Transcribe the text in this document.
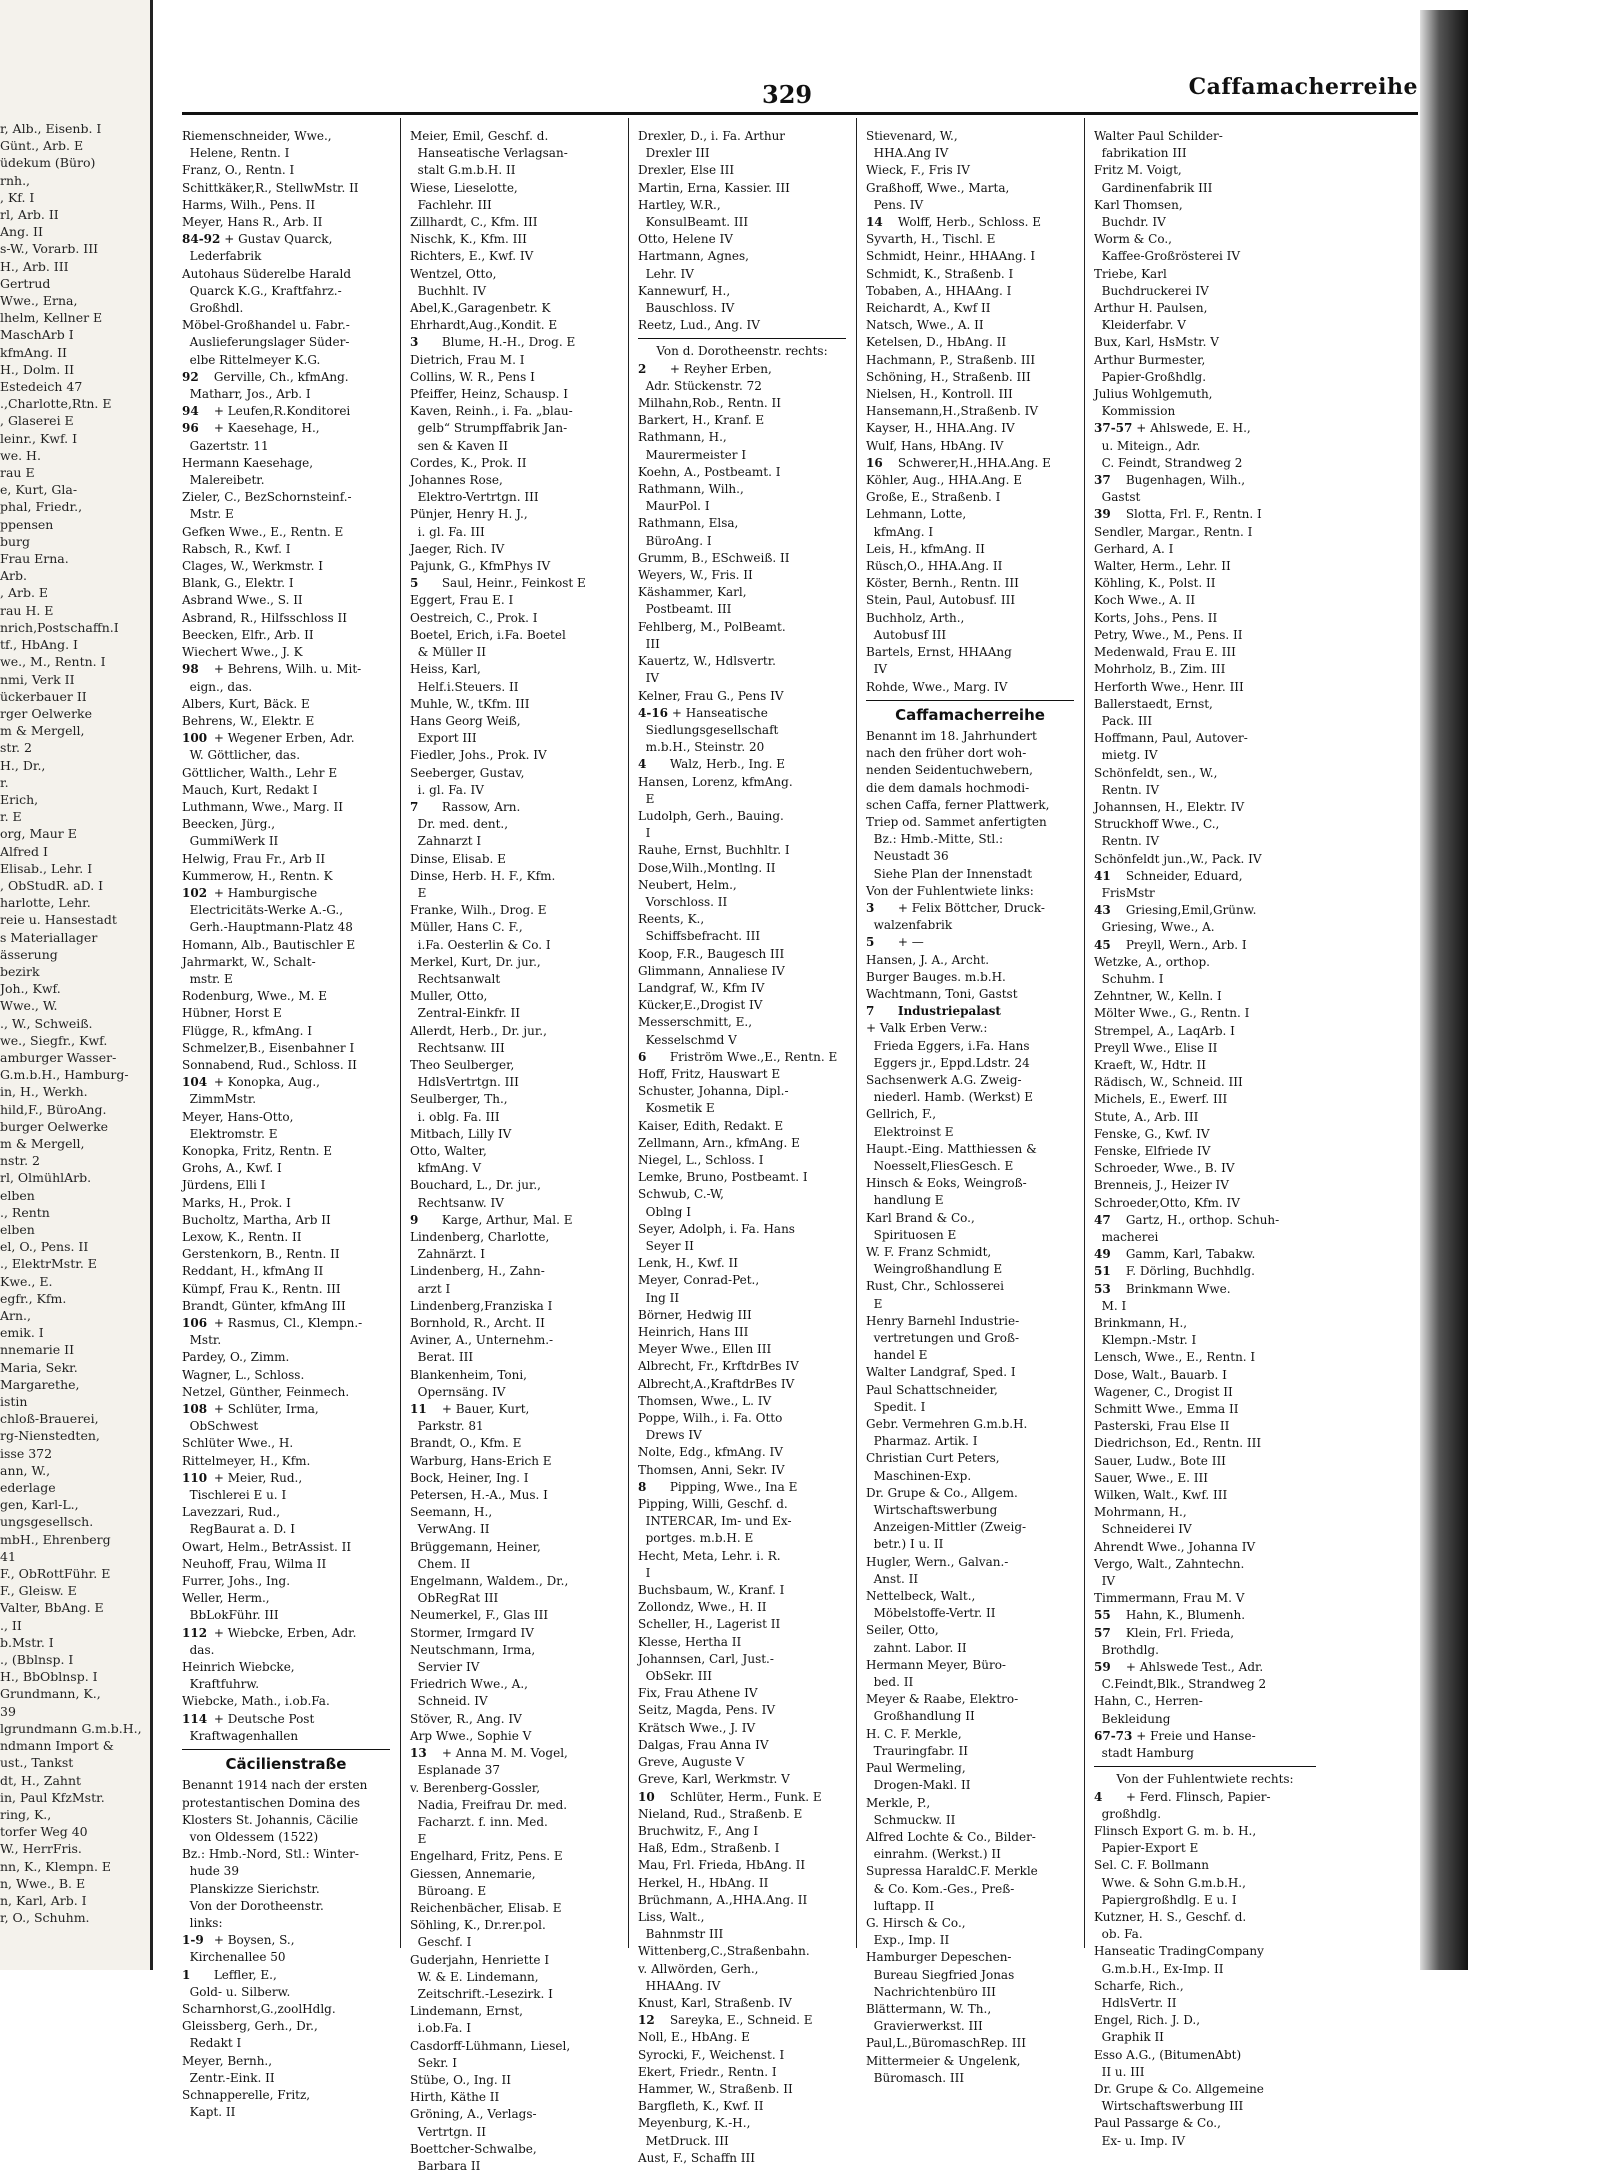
r, Alb., Eisenb. I
Günt., Arb. E
üdekum (Büro)
rnh.,
, Kf. I
rl, Arb. II
Ang. II
s-W., Vorarb. III
H., Arb. III
Gertrud
Wwe., Erna,
lhelm, Kellner E
MaschArb I
kfmAng. II
H., Dolm. II
Estedeich 47
.,Charlotte,Rtn. E
, Glaserei E
leinr., Kwf. I
we. H.
rau E
e, Kurt, Gla-
phal, Friedr.,
ppensen
burg
Frau Erna.
Arb.
, Arb. E
rau H. E
nrich,Postschaffn.I
tf., HbAng. I
we., M., Rentn. I
nmi, Verk II
ückerbauer II
rger Oelwerke
m & Mergell,
str. 2
H., Dr.,
r.
Erich,
r. E
org, Maur E
Alfred I
Elisab., Lehr. I
, ObStudR. aD. I
harlotte, Lehr.
reie u. Hansestadt
s Materiallager
ässerung
bezirk
Joh., Kwf.
Wwe., W.
., W., Schweiß.
we., Siegfr., Kwf.
amburger Wasser-
G.m.b.H., Hamburg-
in, H., Werkh.
hild,F., BüroAng.
burger Oelwerke
m & Mergell,
nstr. 2
rl, OlmühlArb.
elben
., Rentn
elben
el, O., Pens. II
., ElektrMstr. E
Kwe., E.
egfr., Kfm.
Arn.,
emik. I
nnemarie II
Maria, Sekr.
Margarethe,
istin
chloß-Brauerei,
rg-Nienstedten,
isse 372
ann, W.,
ederlage
gen, Karl-L.,
ungsgesellsch.
mbH., Ehrenberg
41
F., ObRottFühr. E
F., Gleisw. E
Valter, BbAng. E
., II
b.Mstr. I
., (Bblnsp. I
H., BbOblnsp. I
Grundmann, K.,
39
lgrundmann G.m.b.H.,
ndmann Import &
ust., Tankst
dt, H., Zahnt
in, Paul KfzMstr.
ring, K.,
torfer Weg 40
W., HerrFris.
nn, K., Klempn. E
n, Wwe., B. E
n, Karl, Arb. I
r, O., Schuhm.
329	Caffamacherreihe
Riemenschneider, Wwe.,
Helene, Rentn. I
Franz, O., Rentn. I
Schittkäker,R., StellwMstr. II
Harms, Wilh., Pens. II
Meyer, Hans R., Arb. II
84-92 + Gustav Quarck,
Lederfabrik
Autohaus Süderelbe Harald
Quarck K.G., Kraftfahrz.-
Großhdl.
Möbel-Großhandel u. Fabr.-
Auslieferungslager Süder-
elbe Rittelmeyer K.G.
92 Gerville, Ch., kfmAng.
Matharr, Jos., Arb. I
94 + Leufen,R.Konditorei
96 + Kaesehage, H.,
Gazertstr. 11
Hermann Kaesehage,
Malereibetr.
Zieler, C., BezSchornsteinf.-
Mstr. E
Gefken Wwe., E., Rentn. E
Rabsch, R., Kwf. I
Clages, W., Werkmstr. I
Blank, G., Elektr. I
Asbrand Wwe., S. II
Asbrand, R., Hilfsschloss II
Beecken, Elfr., Arb. II
Wiechert Wwe., J. K
98 + Behrens, Wilh. u. Mit-
eign., das.
Albers, Kurt, Bäck. E
Behrens, W., Elektr. E
100 + Wegener Erben, Adr.
W. Göttlicher, das.
Göttlicher, Walth., Lehr E
Mauch, Kurt, Redakt I
Luthmann, Wwe., Marg. II
Beecken, Jürg.,
GummiWerk II
Helwig, Frau Fr., Arb II
Kummerow, H., Rentn. K
102 + Hamburgische
Electricitäts-Werke A.-G.,
Gerh.-Hauptmann-Platz 48
Homann, Alb., Bautischler E
Jahrmarkt, W., Schalt-
mstr. E
Rodenburg, Wwe., M. E
Hübner, Horst E
Flügge, R., kfmAng. I
Schmelzer,B., Eisenbahner I
Sonnabend, Rud., Schloss. II
104 + Konopka, Aug.,
ZimmMstr.
Meyer, Hans-Otto,
Elektromstr. E
Konopka, Fritz, Rentn. E
Grohs, A., Kwf. I
Jürdens, Elli I
Marks, H., Prok. I
Bucholtz, Martha, Arb II
Lexow, K., Rentn. II
Gerstenkorn, B., Rentn. II
Reddant, H., kfmAng II
Kümpf, Frau K., Rentn. III
Brandt, Günter, kfmAng III
106 + Rasmus, Cl., Klempn.-
Mstr.
Pardey, O., Zimm.
Wagner, L., Schloss.
Netzel, Günther, Feinmech.
108 + Schlüter, Irma,
ObSchwest
Schlüter Wwe., H.
Rittelmeyer, H., Kfm.
110 + Meier, Rud.,
Tischlerei E u. I
Lavezzari, Rud.,
RegBaurat a. D. I
Owart, Helm., BetrAssist. II
Neuhoff, Frau, Wilma II
Furrer, Johs., Ing.
Weller, Herm.,
BbLokFühr. III
112 + Wiebcke, Erben, Adr.
das.
Heinrich Wiebcke,
Kraftfuhrw.
Wiebcke, Math., i.ob.Fa.
114 + Deutsche Post
Kraftwagenhallen
Cäcilienstraße
Benannt 1914 nach der ersten
protestantischen Domina des
Klosters St. Johannis, Cäcilie
von Oldessem (1522)
Bz.: Hmb.-Nord, Stl.: Winter-
hude 39
Planskizze Sierichstr.
Von der Dorotheenstr.
links:
1-9 + Boysen, S.,
Kirchenallee 50
1 Leffler, E.,
Gold- u. Silberw.
Scharnhorst,G.,zoolHdlg.
Gleissberg, Gerh., Dr.,
Redakt I
Meyer, Bernh.,
Zentr.-Eink. II
Schnapperelle, Fritz,
Kapt. II
Meier, Emil, Geschf. d.
Hanseatische Verlagsan-
stalt G.m.b.H. II
Wiese, Lieselotte,
Fachlehr. III
Zillhardt, C., Kfm. III
Nischk, K., Kfm. III
Richters, E., Kwf. IV
Wentzel, Otto,
Buchhlt. IV
Abel,K.,Garagenbetr. K
Ehrhardt,Aug.,Kondit. E
3 Blume, H.-H., Drog. E
Dietrich, Frau M. I
Collins, W. R., Pens I
Pfeiffer, Heinz, Schausp. I
Kaven, Reinh., i. Fa. „blau-
gelb“ Strumpffabrik Jan-
sen & Kaven II
Cordes, K., Prok. II
Johannes Rose,
Elektro-Vertrtgn. III
Pünjer, Henry H. J.,
i. gl. Fa. III
Jaeger, Rich. IV
Pajunk, G., KfmPhys IV
5 Saul, Heinr., Feinkost E
Eggert, Frau E. I
Oestreich, C., Prok. I
Boetel, Erich, i.Fa. Boetel
& Müller II
Heiss, Karl,
Helf.i.Steuers. II
Muhle, W., tKfm. III
Hans Georg Weiß,
Export III
Fiedler, Johs., Prok. IV
Seeberger, Gustav,
i. gl. Fa. IV
7 Rassow, Arn.
Dr. med. dent.,
Zahnarzt I
Dinse, Elisab. E
Dinse, Herb. H. F., Kfm.
E
Franke, Wilh., Drog. E
Müller, Hans C. F.,
i.Fa. Oesterlin & Co. I
Merkel, Kurt, Dr. jur.,
Rechtsanwalt
Muller, Otto,
Zentral-Einkfr. II
Allerdt, Herb., Dr. jur.,
Rechtsanw. III
Theo Seulberger,
HdlsVertrtgn. III
Seulberger, Th.,
i. oblg. Fa. III
Mitbach, Lilly IV
Otto, Walter,
kfmAng. V
Bouchard, L., Dr. jur.,
Rechtsanw. IV
9 Karge, Arthur, Mal. E
Lindenberg, Charlotte,
Zahnärzt. I
Lindenberg, H., Zahn-
arzt I
Lindenberg,Franziska I
Bornhold, R., Archt. II
Aviner, A., Unternehm.-
Berat. III
Blankenheim, Toni,
Opernsäng. IV
11 + Bauer, Kurt,
Parkstr. 81
Brandt, O., Kfm. E
Warburg, Hans-Erich E
Bock, Heiner, Ing. I
Petersen, H.-A., Mus. I
Seemann, H.,
VerwAng. II
Brüggemann, Heiner,
Chem. II
Engelmann, Waldem., Dr.,
ObRegRat III
Neumerkel, F., Glas III
Stormer, Irmgard IV
Neutschmann, Irma,
Servier IV
Friedrich Wwe., A.,
Schneid. IV
Stöver, R., Ang. IV
Arp Wwe., Sophie V
13 + Anna M. M. Vogel,
Esplanade 37
v. Berenberg-Gossler,
Nadia, Freifrau Dr. med.
Facharzt. f. inn. Med.
E
Engelhard, Fritz, Pens. E
Giessen, Annemarie,
Büroang. E
Reichenbächer, Elisab. E
Söhling, K., Dr.rer.pol.
Geschf. I
Guderjahn, Henriette I
W. & E. Lindemann,
Zeitschrift.-Lesezirk. I
Lindemann, Ernst,
i.ob.Fa. I
Casdorff-Lühmann, Liesel,
Sekr. I
Stübe, O., Ing. II
Hirth, Käthe II
Gröning, A., Verlags-
Vertrtgn. II
Boettcher-Schwalbe,
Barbara II
Drexler, D., i. Fa. Arthur
Drexler III
Drexler, Else III
Martin, Erna, Kassier. III
Hartley, W.R.,
KonsulBeamt. III
Otto, Helene IV
Hartmann, Agnes,
Lehr. IV
Kannewurf, H.,
Bauschloss. IV
Reetz, Lud., Ang. IV
Von d. Dorotheenstr. rechts:
2 + Reyher Erben,
Adr. Stückenstr. 72
Milhahn,Rob., Rentn. II
Barkert, H., Kranf. E
Rathmann, H.,
Maurermeister I
Koehn, A., Postbeamt. I
Rathmann, Wilh.,
MaurPol. I
Rathmann, Elsa,
BüroAng. I
Grumm, B., ESchweiß. II
Weyers, W., Fris. II
Käshammer, Karl,
Postbeamt. III
Fehlberg, M., PolBeamt.
III
Kauertz, W., Hdlsvertr.
IV
Kelner, Frau G., Pens IV
4-16 + Hanseatische
Siedlungsgesellschaft
m.b.H., Steinstr. 20
4 Walz, Herb., Ing. E
Hansen, Lorenz, kfmAng.
E
Ludolph, Gerh., Bauing.
I
Rauhe, Ernst, Buchhltr. I
Dose,Wilh.,Montlng. II
Neubert, Helm.,
Vorschloss. II
Reents, K.,
Schiffsbefracht. III
Koop, F.R., Baugesch III
Glimmann, Annaliese IV
Landgraf, W., Kfm IV
Kücker,E.,Drogist IV
Messerschmitt, E.,
Kesselschmd V
6 Friström Wwe.,E., Rentn. E
Hoff, Fritz, Hauswart E
Schuster, Johanna, Dipl.-
Kosmetik E
Kaiser, Edith, Redakt. E
Zellmann, Arn., kfmAng. E
Niegel, L., Schloss. I
Lemke, Bruno, Postbeamt. I
Schwub, C.-W,
Oblng I
Seyer, Adolph, i. Fa. Hans
Seyer II
Lenk, H., Kwf. II
Meyer, Conrad-Pet.,
Ing II
Börner, Hedwig III
Heinrich, Hans III
Meyer Wwe., Ellen III
Albrecht, Fr., KrftdrBes IV
Albrecht,A.,KraftdrBes IV
Thomsen, Wwe., L. IV
Poppe, Wilh., i. Fa. Otto
Drews IV
Nolte, Edg., kfmAng. IV
Thomsen, Anni, Sekr. IV
8 Pipping, Wwe., Ina E
Pipping, Willi, Geschf. d.
INTERCAR, Im- und Ex-
portges. m.b.H. E
Hecht, Meta, Lehr. i. R.
I
Buchsbaum, W., Kranf. I
Zollondz, Wwe., H. II
Scheller, H., Lagerist II
Klesse, Hertha II
Johannsen, Carl, Just.-
ObSekr. III
Fix, Frau Athene IV
Seitz, Magda, Pens. IV
Krätsch Wwe., J. IV
Dalgas, Frau Anna IV
Greve, Auguste V
Greve, Karl, Werkmstr. V
10 Schlüter, Herm., Funk. E
Nieland, Rud., Straßenb. E
Bruchwitz, F., Ang I
Haß, Edm., Straßenb. I
Mau, Frl. Frieda, HbAng. II
Herkel, H., HbAng. II
Brüchmann, A.,HHA.Ang. II
Liss, Walt.,
Bahnmstr III
Wittenberg,C.,Straßenbahn.
v. Allwörden, Gerh.,
HHAAng. IV
Knust, Karl, Straßenb. IV
12 Sareyka, E., Schneid. E
Noll, E., HbAng. E
Syrocki, F., Weichenst. I
Ekert, Friedr., Rentn. I
Hammer, W., Straßenb. II
Bargfleth, K., Kwf. II
Meyenburg, K.-H.,
MetDruck. III
Aust, F., Schaffn III
Stievenard, W.,
HHA.Ang IV
Wieck, F., Fris IV
Graßhoff, Wwe., Marta,
Pens. IV
14 Wolff, Herb., Schloss. E
Syvarth, H., Tischl. E
Schmidt, Heinr., HHAAng. I
Schmidt, K., Straßenb. I
Tobaben, A., HHAAng. I
Reichardt, A., Kwf II
Natsch, Wwe., A. II
Ketelsen, D., HbAng. II
Hachmann, P., Straßenb. III
Schöning, H., Straßenb. III
Nielsen, H., Kontroll. III
Hansemann,H.,Straßenb. IV
Kayser, H., HHA.Ang. IV
Wulf, Hans, HbAng. IV
16 Schwerer,H.,HHA.Ang. E
Köhler, Aug., HHA.Ang. E
Große, E., Straßenb. I
Lehmann, Lotte,
kfmAng. I
Leis, H., kfmAng. II
Rüsch,O., HHA.Ang. II
Köster, Bernh., Rentn. III
Stein, Paul, Autobusf. III
Buchholz, Arth.,
Autobusf III
Bartels, Ernst, HHAAng
IV
Rohde, Wwe., Marg. IV
Caffamacherreihe
Benannt im 18. Jahrhundert
nach den früher dort woh-
nenden Seidentuchwebern,
die dem damals hochmodi-
schen Caffa, ferner Plattwerk,
Triep od. Sammet anfertigten
Bz.: Hmb.-Mitte, Stl.:
Neustadt 36
Siehe Plan der Innenstadt
Von der Fuhlentwiete links:
3 + Felix Böttcher, Druck-
walzenfabrik
5 + —
Hansen, J. A., Archt.
Burger Bauges. m.b.H.
Wachtmann, Toni, Gastst
7 Industriepalast
+ Valk Erben Verw.:
Frieda Eggers, i.Fa. Hans
Eggers jr., Eppd.Ldstr. 24
Sachsenwerk A.G. Zweig-
niederl. Hamb. (Werkst) E
Gellrich, F.,
Elektroinst E
Haupt.-Eing. Matthiessen &
Noesselt,FliesGesch. E
Hinsch & Eoks, Weingroß-
handlung E
Karl Brand & Co.,
Spirituosen E
W. F. Franz Schmidt,
Weingroßhandlung E
Rust, Chr., Schlosserei
E
Henry Barnehl Industrie-
vertretungen und Groß-
handel E
Walter Landgraf, Sped. I
Paul Schattschneider,
Spedit. I
Gebr. Vermehren G.m.b.H.
Pharmaz. Artik. I
Christian Curt Peters,
Maschinen-Exp.
Dr. Grupe & Co., Allgem.
Wirtschaftswerbung
Anzeigen-Mittler (Zweig-
betr.) I u. II
Hugler, Wern., Galvan.-
Anst. II
Nettelbeck, Walt.,
Möbelstoffe-Vertr. II
Seiler, Otto,
zahnt. Labor. II
Hermann Meyer, Büro-
bed. II
Meyer & Raabe, Elektro-
Großhandlung II
H. C. F. Merkle,
Trauringfabr. II
Paul Wermeling,
Drogen-Makl. II
Merkle, P.,
Schmuckw. II
Alfred Lochte & Co., Bilder-
einrahm. (Werkst.) II
Supressa HaraldC.F. Merkle
& Co. Kom.-Ges., Preß-
luftapp. II
G. Hirsch & Co.,
Exp., Imp. II
Hamburger Depeschen-
Bureau Siegfried Jonas
Nachrichtenbüro III
Blättermann, W. Th.,
Gravierwerkst. III
Paul,L.,BüromaschRep. III
Mittermeier & Ungelenk,
Büromasch. III
Walter Paul Schilder-
fabrikation III
Fritz M. Voigt,
Gardinenfabrik III
Karl Thomsen,
Buchdr. IV
Worm & Co.,
Kaffee-Großrösterei IV
Triebe, Karl
Buchdruckerei IV
Arthur H. Paulsen,
Kleiderfabr. V
Bux, Karl, HsMstr. V
Arthur Burmester,
Papier-Großhdlg.
Julius Wohlgemuth,
Kommission
37-57 + Ahlswede, E. H.,
u. Miteign., Adr.
C. Feindt, Strandweg 2
37 Bugenhagen, Wilh.,
Gastst
39 Slotta, Frl. F., Rentn. I
Sendler, Margar., Rentn. I
Gerhard, A. I
Walter, Herm., Lehr. II
Köhling, K., Polst. II
Koch Wwe., A. II
Korts, Johs., Pens. II
Petry, Wwe., M., Pens. II
Medenwald, Frau E. III
Mohrholz, B., Zim. III
Herforth Wwe., Henr. III
Ballerstaedt, Ernst,
Pack. III
Hoffmann, Paul, Autover-
mietg. IV
Schönfeldt, sen., W.,
Rentn. IV
Johannsen, H., Elektr. IV
Struckhoff Wwe., C.,
Rentn. IV
Schönfeldt jun.,W., Pack. IV
41 Schneider, Eduard,
FrisMstr
43 Griesing,Emil,Grünw.
Griesing, Wwe., A.
45 Preyll, Wern., Arb. I
Wetzke, A., orthop.
Schuhm. I
Zehntner, W., Kelln. I
Mölter Wwe., G., Rentn. I
Strempel, A., LaqArb. I
Preyll Wwe., Elise II
Kraeft, W., Hdtr. II
Rädisch, W., Schneid. III
Michels, E., Ewerf. III
Stute, A., Arb. III
Fenske, G., Kwf. IV
Fenske, Elfriede IV
Schroeder, Wwe., B. IV
Brenneis, J., Heizer IV
Schroeder,Otto, Kfm. IV
47 Gartz, H., orthop. Schuh-
macherei
49 Gamm, Karl, Tabakw.
51 F. Dörling, Buchhdlg.
53 Brinkmann Wwe.
M. I
Brinkmann, H.,
Klempn.-Mstr. I
Lensch, Wwe., E., Rentn. I
Dose, Walt., Bauarb. I
Wagener, C., Drogist II
Schmitt Wwe., Emma II
Pasterski, Frau Else II
Diedrichson, Ed., Rentn. III
Sauer, Ludw., Bote III
Sauer, Wwe., E. III
Wilken, Walt., Kwf. III
Mohrmann, H.,
Schneiderei IV
Ahrendt Wwe., Johanna IV
Vergo, Walt., Zahntechn.
IV
Timmermann, Frau M. V
55 Hahn, K., Blumenh.
57 Klein, Frl. Frieda,
Brothdlg.
59 + Ahlswede Test., Adr.
C.Feindt,Blk., Strandweg 2
Hahn, C., Herren-
Bekleidung
67-73 + Freie und Hanse-
stadt Hamburg
Von der Fuhlentwiete rechts:
4 + Ferd. Flinsch, Papier-
großhdlg.
Flinsch Export G. m. b. H.,
Papier-Export E
Sel. C. F. Bollmann
Wwe. & Sohn G.m.b.H.,
Papiergroßhdlg. E u. I
Kutzner, H. S., Geschf. d.
ob. Fa.
Hanseatic TradingCompany
G.m.b.H., Ex-Imp. II
Scharfe, Rich.,
HdlsVertr. II
Engel, Rich. J. D.,
Graphik II
Esso A.G., (BitumenAbt)
II u. III
Dr. Grupe & Co. Allgemeine
Wirtschaftswerbung III
Paul Passarge & Co.,
Ex- u. Imp. IV
